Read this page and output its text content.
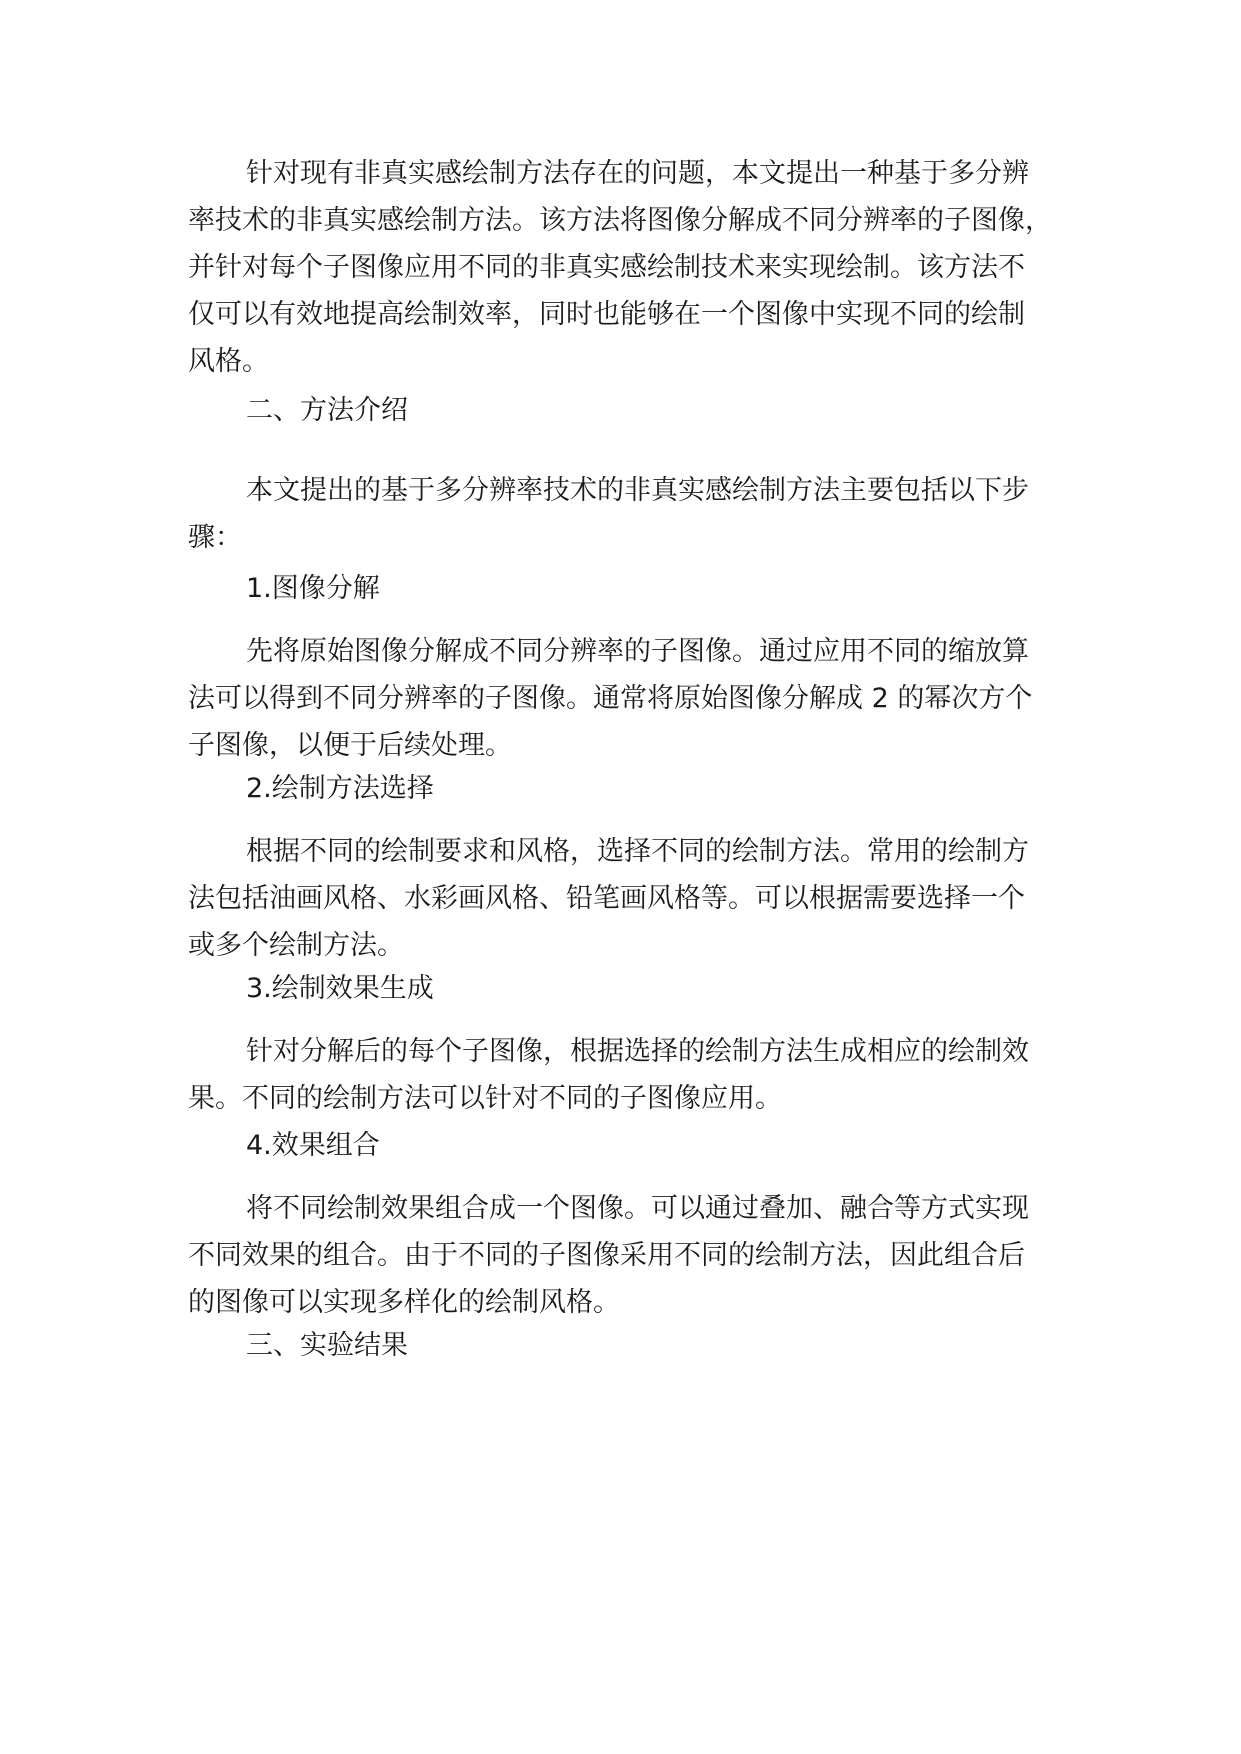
针对现有非真实感绘制方法存在的问题，本文提出一种基于多分辨
率技术的非真实感绘制方法。该方法将图像分解成不同分辨率的子图像，
并针对每个子图像应用不同的非真实感绘制技术来实现绘制。该方法不
仅可以有效地提高绘制效率，同时也能够在一个图像中实现不同的绘制
风格。
二、方法介绍
本文提出的基于多分辨率技术的非真实感绘制方法主要包括以下步
骤：
1.图像分解
先将原始图像分解成不同分辨率的子图像。通过应用不同的缩放算
法可以得到不同分辨率的子图像。通常将原始图像分解成 2 的幂次方个
子图像，以便于后续处理。
2.绘制方法选择
根据不同的绘制要求和风格，选择不同的绘制方法。常用的绘制方
法包括油画风格、水彩画风格、铅笔画风格等。可以根据需要选择一个
或多个绘制方法。
3.绘制效果生成
针对分解后的每个子图像，根据选择的绘制方法生成相应的绘制效
果。不同的绘制方法可以针对不同的子图像应用。
4.效果组合
将不同绘制效果组合成一个图像。可以通过叠加、融合等方式实现
不同效果的组合。由于不同的子图像采用不同的绘制方法，因此组合后
的图像可以实现多样化的绘制风格。
三、实验结果
